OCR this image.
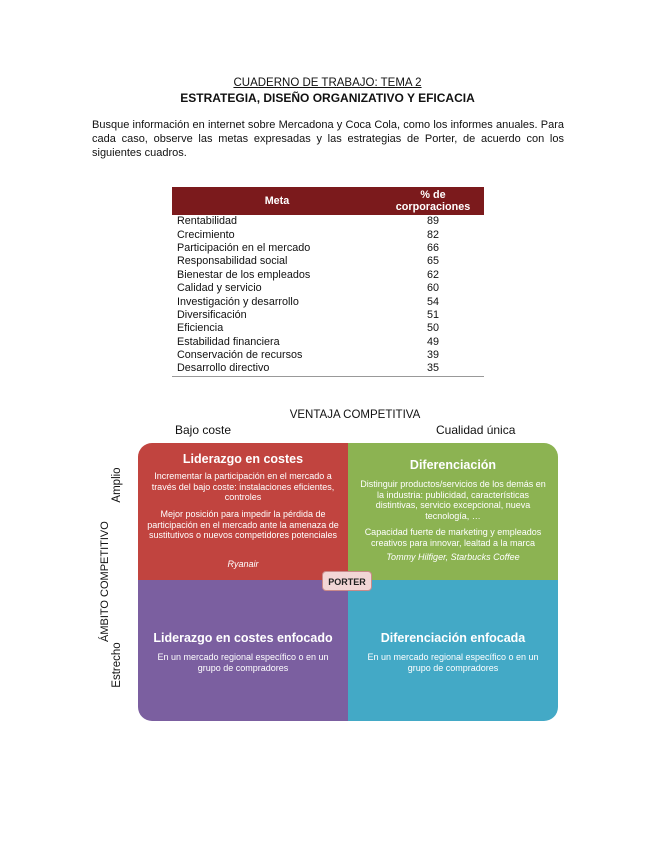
CUADERNO DE TRABAJO: TEMA 2
ESTRATEGIA, DISEÑO ORGANIZATIVO Y EFICACIA
Busque información en internet sobre Mercadona y Coca Cola, como los informes anuales. Para cada caso, observe las metas expresadas y las estrategias de Porter, de acuerdo con los siguientes cuadros.
Meta	% de corporaciones
Rentabilidad	89
Crecimiento	82
Participación en el mercado	66
Responsabilidad social	65
Bienestar de los empleados	62
Calidad y servicio	60
Investigación y desarrollo	54
Diversificación	51
Eficiencia	50
Estabilidad financiera	49
Conservación de recursos	39
Desarrollo directivo	35
VENTAJA COMPETITIVA
Bajo coste	Cualidad única
ÁMBITO COMPETITIVO
Amplio
Estrecho
Liderazgo en costes
Incrementar la participación en el mercado a través del bajo coste: instalaciones eficientes, controles
Mejor posición para impedir la pérdida de participación en el mercado ante la amenaza de sustitutivos o nuevos competidores potenciales
Ryanair
Diferenciación
Distinguir productos/servicios de los demás en la industria: publicidad, características distintivas, servicio excepcional, nueva tecnología, …
Capacidad fuerte de marketing y empleados creativos para innovar, lealtad a la marca
Tommy Hilfiger, Starbucks Coffee
Liderazgo en costes enfocado
En un mercado regional específico o en un grupo de compradores
Diferenciación enfocada
En un mercado regional específico o en un grupo de compradores
PORTER
